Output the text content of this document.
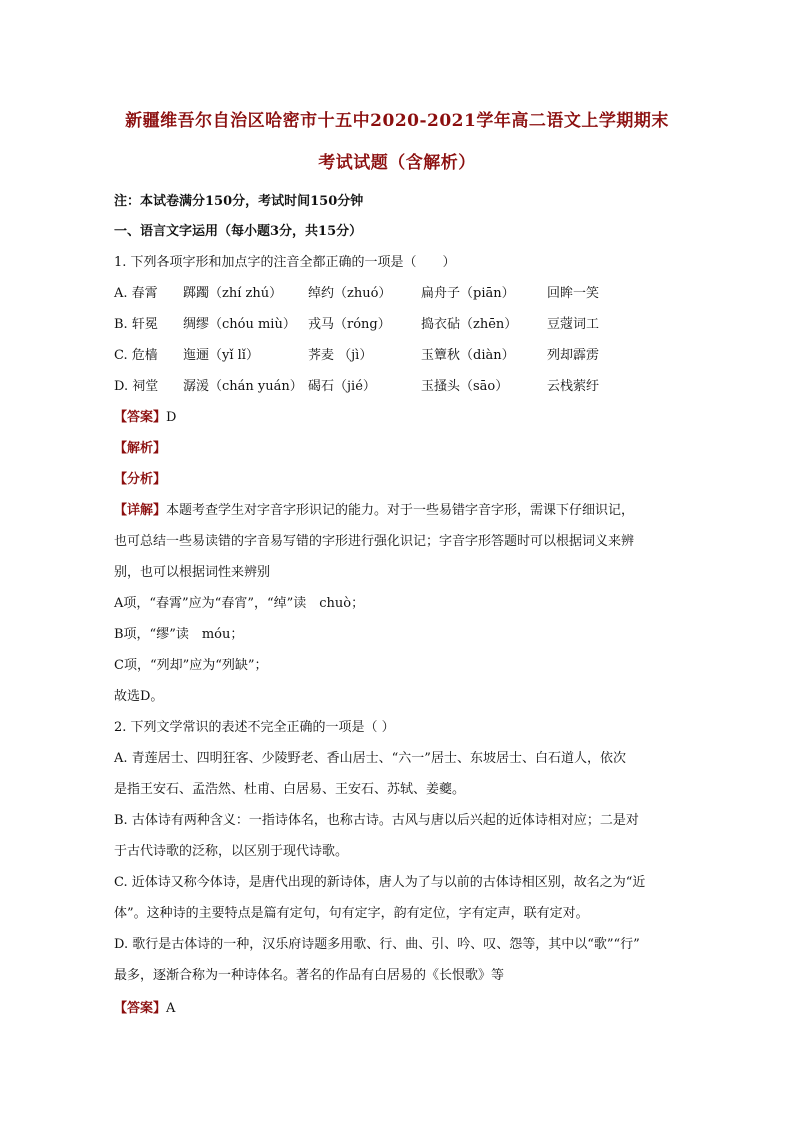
新疆维吾尔自治区哈密市十五中2020-2021学年高二语文上学期期末
考试试题（含解析）
注：本试卷满分150分，考试时间150分钟
一、语言文字运用（每小题3分，共15分）
1. 下列各项字形和加点字的注音全都正确的一项是（　　）
A. 春霄 踯躅（zhí zhú） 绰约（zhuó） 扁舟子（piān） 回眸一笑
B. 轩冕 绸缪（chóu miù） 戎马（róng） 捣衣砧（zhēn） 豆蔻词工
C. 危樯 迤逦（yǐ lǐ）	荠麦 （jì）	玉簟秋（diàn） 列却霹雳
D. 祠堂 潺湲（chán yuán） 碣石（jié）	玉搔头（sāo）	云栈萦纡
【答案】D
【解析】
【分析】
【详解】本题考查学生对字音字形识记的能力。对于一些易错字音字形，需课下仔细识记，
也可总结一些易读错的字音易写错的字形进行强化识记；字音字形答题时可以根据词义来辨
别，也可以根据词性来辨别
A项，“春霄”应为“春宵”，“绰”读　chuò；
B项，“缪”读　móu；
C项，“列却”应为“列缺”；
故选D。
2. 下列文学常识的表述不完全正确的一项是（ ）
A. 青莲居士、四明狂客、少陵野老、香山居士、“六一”居士、东坡居士、白石道人，依次
是指王安石、孟浩然、杜甫、白居易、王安石、苏轼、姜夔。
B. 古体诗有两种含义：一指诗体名，也称古诗。古风与唐以后兴起的近体诗相对应；二是对
于古代诗歌的泛称，以区别于现代诗歌。
C. 近体诗又称今体诗，是唐代出现的新诗体，唐人为了与以前的古体诗相区别，故名之为“近
体”。这种诗的主要特点是篇有定句，句有定字，韵有定位，字有定声，联有定对。
D. 歌行是古体诗的一种，汉乐府诗题多用歌、行、曲、引、吟、叹、怨等，其中以“歌”“行”
最多，逐渐合称为一种诗体名。著名的作品有白居易的《长恨歌》等
【答案】A
